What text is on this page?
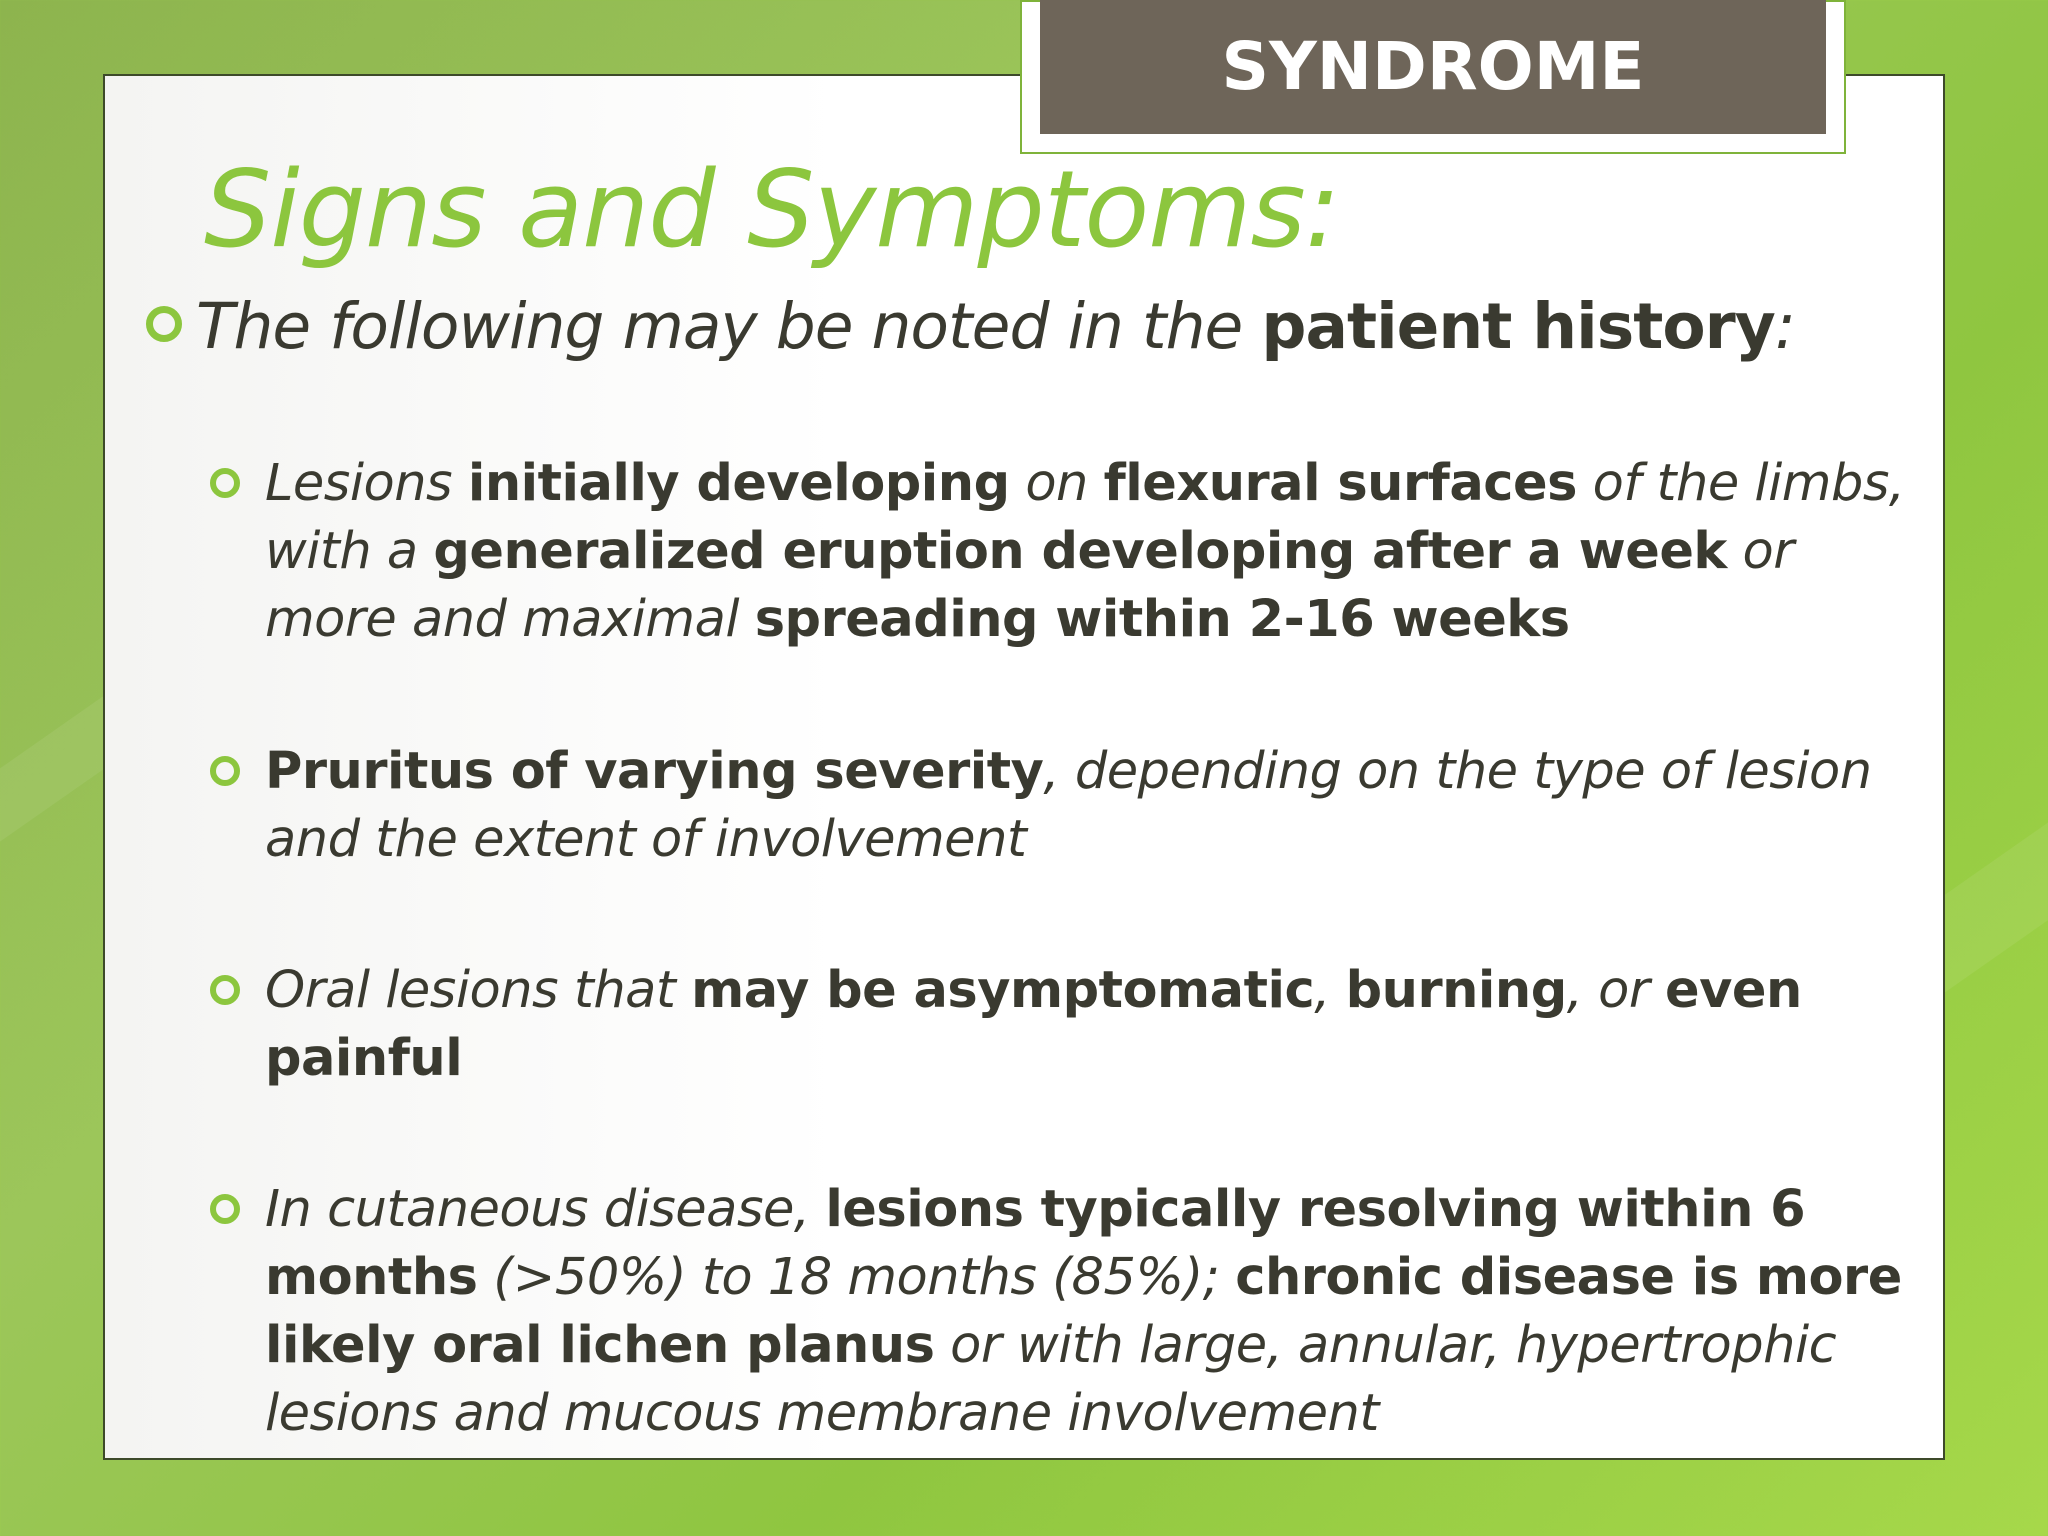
SYNDROME STATEMENT
Signs and Symptoms:
The following may be noted in the patient history:
Lesions initially developing on flexural surfaces of the limbs, with a generalized eruption developing after a week or more and maximal spreading within 2-16 weeks
Pruritus of varying severity, depending on the type of lesion and the extent of involvement
Oral lesions that may be asymptomatic, burning, or even painful
In cutaneous disease, lesions typically resolving within 6 months (>50%) to 18 months (85%); chronic disease is more likely oral lichen planus or with large, annular, hypertrophic lesions and mucous membrane involvement
